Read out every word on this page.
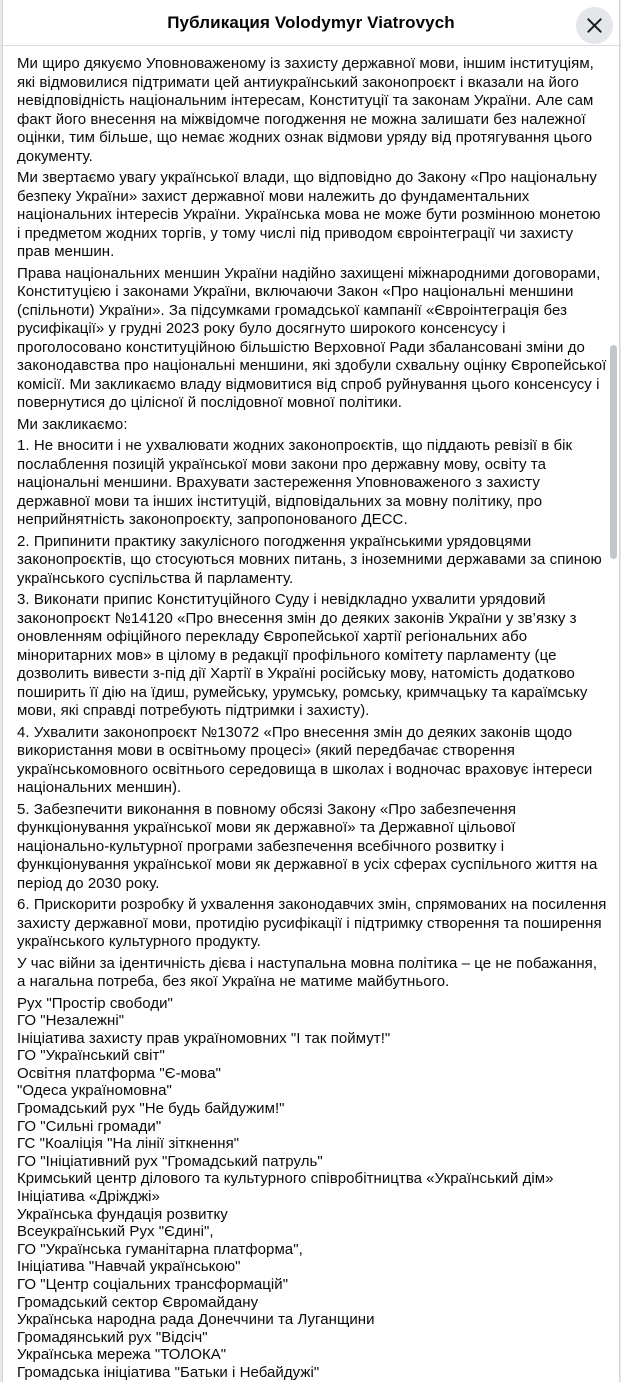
Публикация Volodymyr Viatrovych
Ми щиро дякуємо Уповноваженому із захисту державної мови, іншим інституціям, які відмовилися підтримати цей антиукраїнський законопроєкт і вказали на його невідповідність національним інтересам, Конституції та законам України. Але сам факт його внесення на міжвідомче погодження не можна залишати без належної оцінки, тим більше, що немає жодних ознак відмови уряду від протягування цього документу.
Ми звертаємо увагу української влади, що відповідно до Закону «Про національну безпеку України» захист державної мови належить до фундаментальних національних інтересів України. Українська мова не може бути розмінною монетою і предметом жодних торгів, у тому числі під приводом євроінтеграції чи захисту прав меншин.
Права національних меншин України надійно захищені міжнародними договорами, Конституцією і законами України, включаючи Закон «Про національні меншини (спільноти) України». За підсумками громадської кампанії «Євроінтеграція без русифікації» у грудні 2023 року було досягнуто широкого консенсусу і проголосовано конституційною більшістю Верховної Ради збалансовані зміни до законодавства про національні меншини, які здобули схвальну оцінку Європейської комісії. Ми закликаємо владу відмовитися від спроб руйнування цього консенсусу і повернутися до цілісної й послідовної мовної політики.
Ми закликаємо:
1. Не вносити і не ухвалювати жодних законопроєктів, що піддають ревізії в бік послаблення позицій української мови закони про державну мову, освіту та національні меншини. Врахувати застереження Уповноваженого з захисту державної мови та інших інституцій, відповідальних за мовну політику, про неприйнятність законопроєкту, запропонованого ДЕСС.
2. Припинити практику закулісного погодження українськими урядовцями законопроєктів, що стосуються мовних питань, з іноземними державами за спиною українського суспільства й парламенту.
3. Виконати припис Конституційного Суду і невідкладно ухвалити урядовий законопроєкт №14120 «Про внесення змін до деяких законів України у зв’язку з оновленням офіційного перекладу Європейської хартії регіональних або міноритарних мов» в цілому в редакції профільного комітету парламенту (це дозволить вивести з-під дії Хартії в Україні російську мову, натомість додатково поширить її дію на їдиш, румейську, урумську, ромську, кримчацьку та караїмську мови, які справді потребують підтримки і захисту).
4. Ухвалити законопроєкт №13072 «Про внесення змін до деяких законів щодо використання мови в освітньому процесі» (який передбачає створення українськомовного освітнього середовища в школах і водночас враховує інтереси національних меншин).
5. Забезпечити виконання в повному обсязі Закону «Про забезпечення функціонування української мови як державної» та Державної цільової національно-культурної програми забезпечення всебічного розвитку і функціонування української мови як державної в усіх сферах суспільного життя на період до 2030 року.
6. Прискорити розробку й ухвалення законодавчих змін, спрямованих на посилення захисту державної мови, протидію русифікації і підтримку створення та поширення українського культурного продукту.
У час війни за ідентичність дієва і наступальна мовна політика – це не побажання, а нагальна потреба, без якої Україна не матиме майбутнього.
Рух "Простір свободи"
ГО "Незалежні"
Ініціатива захисту прав україномовних "І так поймут!"
ГО "Український світ"
Освітня платформа "Є-мова"
"Одеса україномовна"
Громадський рух "Не будь байдужим!"
ГО "Сильні громади"
ГС "Коаліція "На лінії зіткнення"
ГО "Ініціативний рух "Громадський патруль"
Кримський центр ділового та культурного співробітництва «Український дім»
Ініціатива «Дріжджі»
Українська фундація розвитку
Всеукраїнський Рух "Єдині",
ГО "Українська гуманітарна платформа",
Ініціатива "Навчай українською"
ГО "Центр соціальних трансформацій"
Громадський сектор Євромайдану
Українська народна рада Донеччини та Луганщини
Громадянський рух "Відсіч"
Українська мережа "ТОЛОКА"
Громадська ініціатива "Батьки і Небайдужі"
